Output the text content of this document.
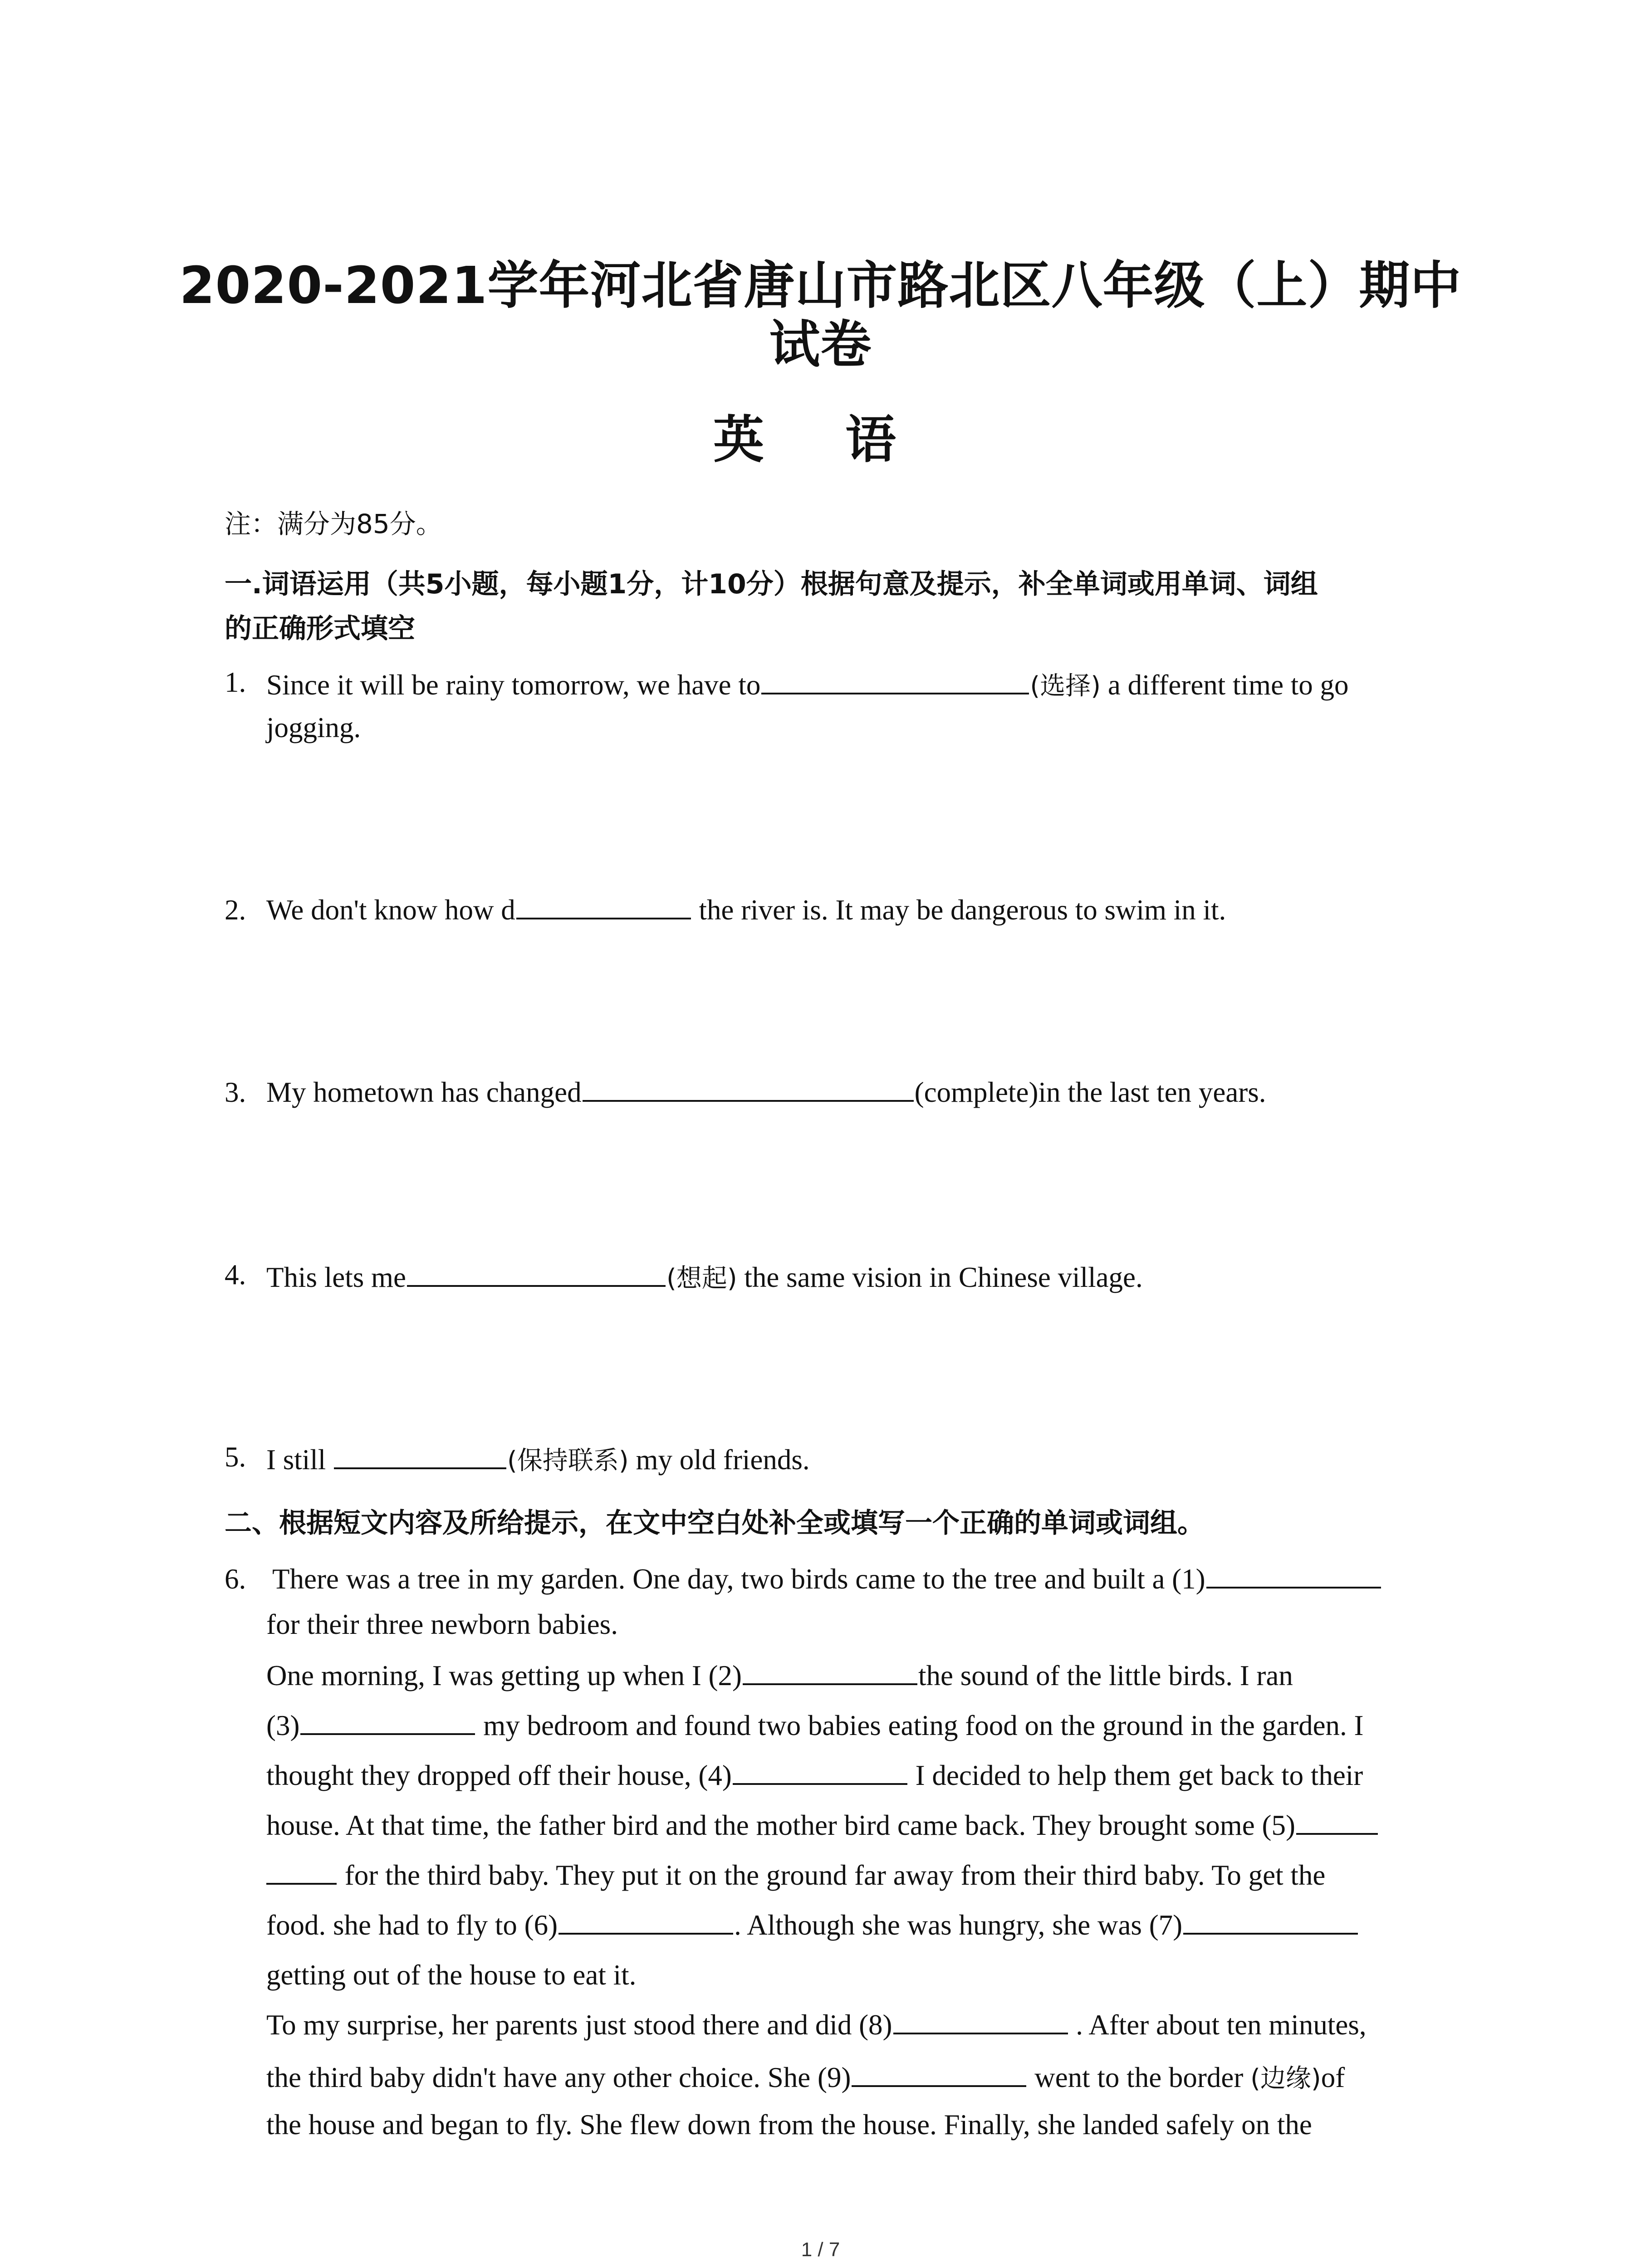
2020-2021学年河北省唐山市路北区八年级（上）期中
试卷
英 语
注：满分为85分。
一.词语运用（共5小题，每小题1分，计10分）根据句意及提示，补全单词或用单词、词组
的正确形式填空
1. Since it will be rainy tomorrow, we have to	(选择) a different time to go
jogging.
2. We don't know how d	the river is. It may be dangerous to swim in it.
3. My hometown has changed	(complete)in the last ten years.
4. This lets me	(想起) the same vision in Chinese village.
5. I still	(保持联系) my old friends.
二、根据短文内容及所给提示，在文中空白处补全或填写一个正确的单词或词组。
6. There was a tree in my garden. One day, two birds came to the tree and built a (1)
for their three newborn babies.
One morning, I was getting up when I (2)	the sound of the little birds. I ran
(3)	my bedroom and found two babies eating food on the ground in the garden. I
thought they dropped off their house, (4)	I decided to help them get back to their
house. At that time, the father bird and the mother bird came back. They brought some (5)
for the third baby. They put it on the ground far away from their third baby. To get the
food. she had to fly to (6)	. Although she was hungry, she was (7)
getting out of the house to eat it.
To my surprise, her parents just stood there and did (8)	. After about ten minutes,
the third baby didn't have any other choice. She (9)	went to the border (边缘)of
the house and began to fly. She flew down from the house. Finally, she landed safely on the
1 / 7
